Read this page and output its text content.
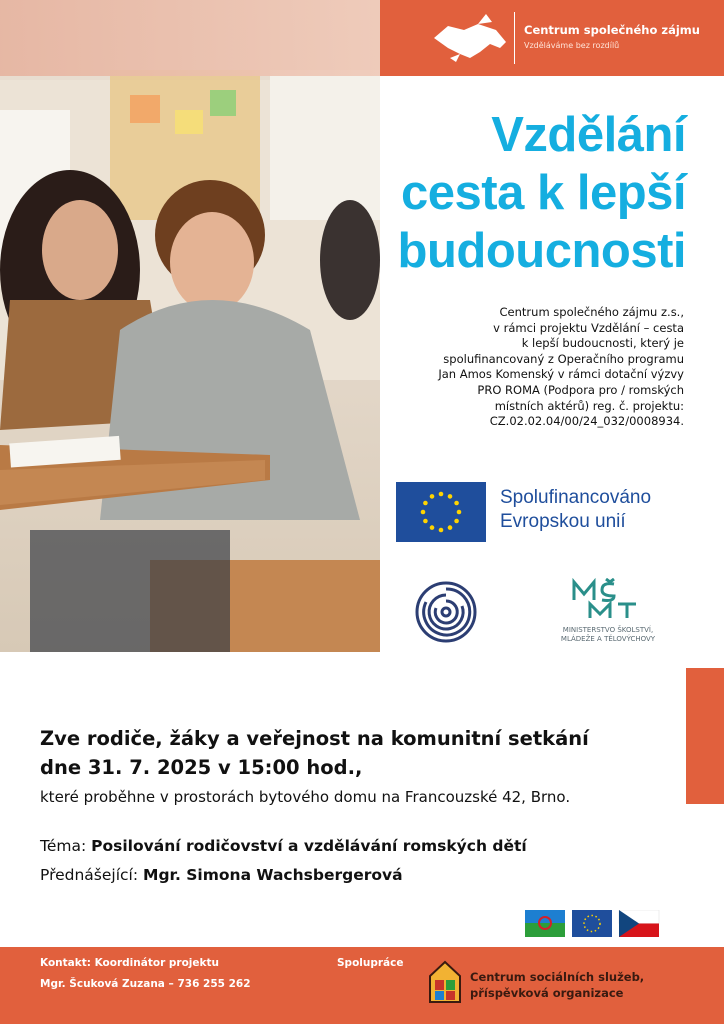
Centrum společného zájmu
Vzděláváme bez rozdílů
Vzdělání
cesta k lepší
budoucnosti
Centrum společného zájmu z.s.,
v rámci projektu Vzdělání – cesta
k lepší budoucnosti, který je
spolufinancovaný z Operačního programu
Jan Amos Komenský v rámci dotační výzvy
PRO ROMA (Podpora pro / romských
místních aktérů) reg. č. projektu:
CZ.02.02.04/00/24_032/0008934.
Spolufinancováno
Evropskou unií
MINISTERSTVO ŠKOLSTVÍ,
MLÁDEŽE A TĚLOVÝCHOVY
Zve rodiče, žáky a veřejnost na komunitní setkání
dne 31. 7. 2025 v 15:00 hod.,
které proběhne v prostorách bytového domu na Francouzské 42, Brno.
Téma: Posilování rodičovství a vzdělávání romských dětí
Přednášející: Mgr. Simona Wachsbergerová
Kontakt: Koordinátor projektu
Mgr. Šcuková Zuzana – 736 255 262
Spolupráce
Centrum sociálních služeb,
příspěvková organizace
